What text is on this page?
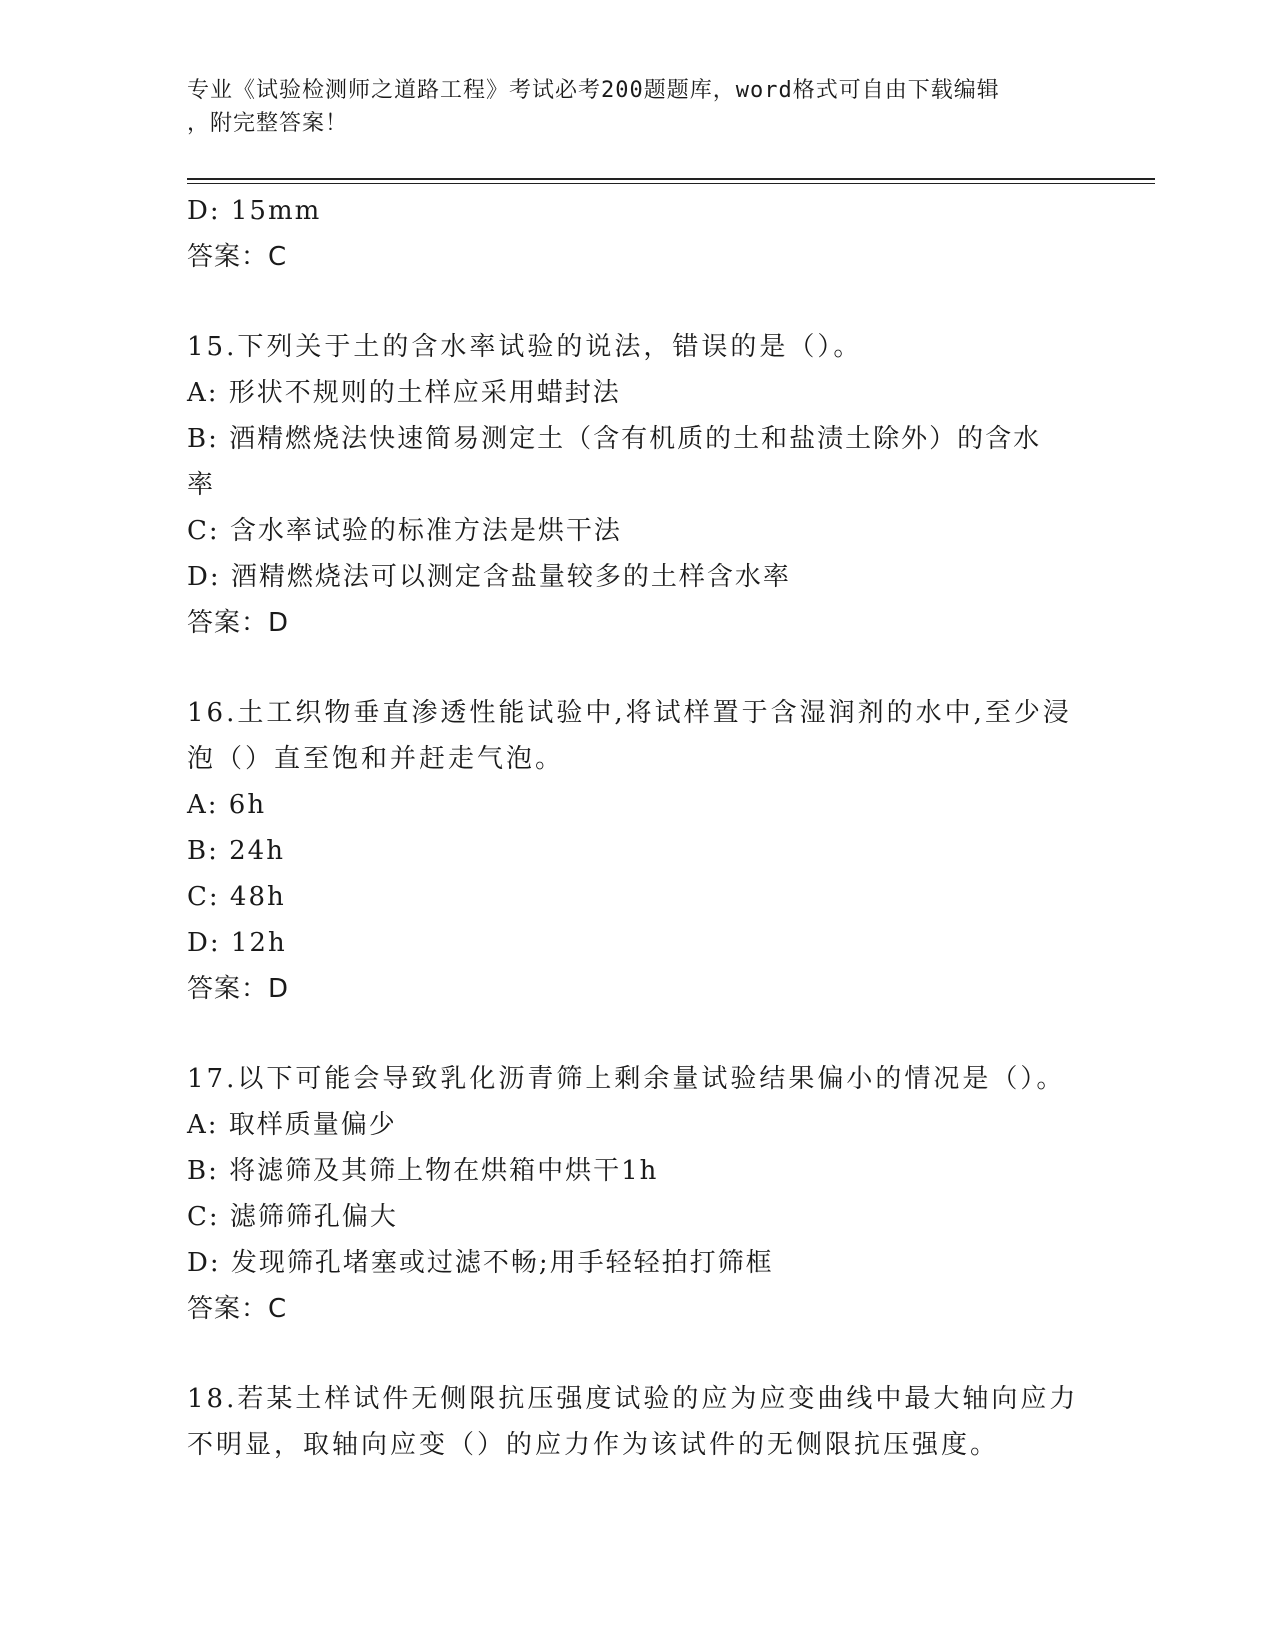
专业《试验检测师之道路工程》考试必考200题题库，word格式可自由下载编辑
，附完整答案！
D: 15mm
答案：C
15.下列关于土的含水率试验的说法，错误的是（）。
A: 形状不规则的土样应采用蜡封法
B: 酒精燃烧法快速简易测定土（含有机质的土和盐渍土除外）的含水
率
C: 含水率试验的标准方法是烘干法
D: 酒精燃烧法可以测定含盐量较多的土样含水率
答案：D
16.土工织物垂直渗透性能试验中,将试样置于含湿润剂的水中,至少浸
泡（）直至饱和并赶走气泡。
A: 6h
B: 24h
C: 48h
D: 12h
答案：D
17.以下可能会导致乳化沥青筛上剩余量试验结果偏小的情况是（）。
A: 取样质量偏少
B: 将滤筛及其筛上物在烘箱中烘干1h
C: 滤筛筛孔偏大
D: 发现筛孔堵塞或过滤不畅;用手轻轻拍打筛框
答案：C
18.若某土样试件无侧限抗压强度试验的应为应变曲线中最大轴向应力
不明显，取轴向应变（）的应力作为该试件的无侧限抗压强度。
